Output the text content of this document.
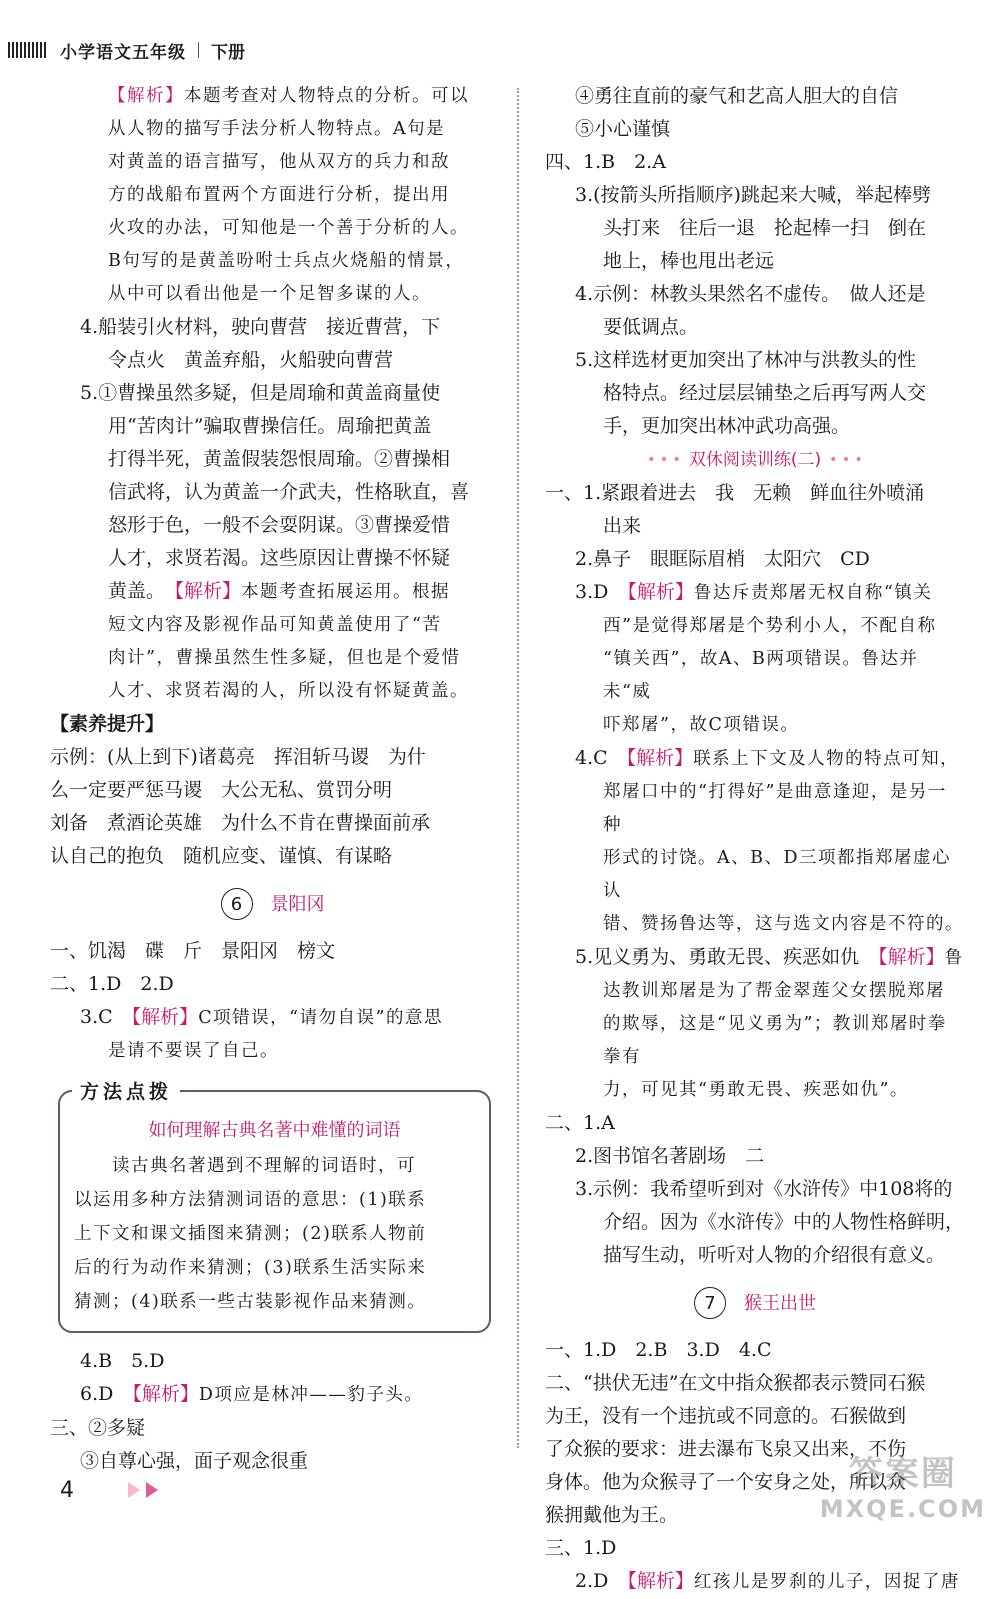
小学语文五年级 下册

【解析】本题考查对人物特点的分析。可以

从人物的描写手法分析人物特点。A句是

对黄盖的语言描写，他从双方的兵力和敌

方的战船布置两个方面进行分析，提出用

火攻的办法，可知他是一个善于分析的人。

B句写的是黄盖吩咐士兵点火烧船的情景，

从中可以看出他是一个足智多谋的人。

4.船装引火材料，驶向曹营　接近曹营，下

令点火　黄盖弃船，火船驶向曹营

5.①曹操虽然多疑，但是周瑜和黄盖商量使

用“苦肉计”骗取曹操信任。周瑜把黄盖

打得半死，黄盖假装怨恨周瑜。②曹操相

信武将，认为黄盖一介武夫，性格耿直，喜

怒形于色，一般不会耍阴谋。③曹操爱惜

人才，求贤若渴。这些原因让曹操不怀疑

黄盖。　【解析】本题考查拓展运用。根据

短文内容及影视作品可知黄盖使用了“苦

肉计”，曹操虽然生性多疑，但也是个爱惜

人才、求贤若渴的人，所以没有怀疑黄盖。

【素养提升】

示例：(从上到下)诸葛亮　挥泪斩马谡　为什

么一定要严惩马谡　大公无私、赏罚分明

刘备　煮酒论英雄　为什么不肯在曹操面前承

认自己的抱负　随机应变、谨慎、有谋略

6	景阳冈

一、饥渴　碟　斤　景阳冈　榜文

二、1.D　2.D

3.C　【解析】C项错误，“请勿自误”的意思

是请不要误了自己。

方法点拨
如何理解古典名著中难懂的词语
　　读古典名著遇到不理解的词语时，可
以运用多种方法猜测词语的意思：(1)联系
上下文和课文插图来猜测；(2)联系人物前
后的行为动作来猜测；(3)联系生活实际来
猜测；(4)联系一些古装影视作品来猜测。

4.B　5.D

6.D　【解析】D项应是林冲——豹子头。

三、②多疑

③自尊心强，面子观念很重

④勇往直前的豪气和艺高人胆大的自信

⑤小心谨慎

四、1.B　2.A

3.(按箭头所指顺序)跳起来大喊，举起棒劈

头打来　往后一退　抡起棒一扫　倒在

地上，棒也甩出老远

4.示例：林教头果然名不虚传。　做人还是

要低调点。

5.这样选材更加突出了林冲与洪教头的性

格特点。经过层层铺垫之后再写两人交

手，更加突出林冲武功高强。

• • • 双休阅读训练(二) • • •

一、1.紧跟着进去　我　无赖　鲜血往外喷涌

出来

2.鼻子　眼眶际眉梢　太阳穴　CD

3.D　【解析】鲁达斥责郑屠无权自称“镇关

西”是觉得郑屠是个势利小人，不配自称

“镇关西”，故A、B两项错误。鲁达并未“威

吓郑屠”，故C项错误。

4.C　【解析】联系上下文及人物的特点可知，

郑屠口中的“打得好”是曲意逢迎，是另一种

形式的讨饶。A、B、D三项都指郑屠虚心认

错、赞扬鲁达等，这与选文内容是不符的。

5.见义勇为、勇敢无畏、疾恶如仇　【解析】鲁

达教训郑屠是为了帮金翠莲父女摆脱郑屠

的欺辱，这是“见义勇为”；教训郑屠时拳拳有

力，可见其“勇敢无畏、疾恶如仇”。

二、1.A

2.图书馆名著剧场　二

3.示例：我希望听到对《水浒传》中108将的

介绍。因为《水浒传》中的人物性格鲜明，

描写生动，听听对人物的介绍很有意义。

7	猴王出世

一、1.D　2.B　3.D　4.C

二、“拱伏无违”在文中指众猴都表示赞同石猴

为王，没有一个违抗或不同意的。石猴做到

了众猴的要求：进去瀑布飞泉又出来，不伤

身体。他为众猴寻了一个安身之处，所以众

猴拥戴他为王。

三、1.D

2.D　【解析】红孩儿是罗刹的儿子，因捉了唐

4	答案圈
MXQE.COM
